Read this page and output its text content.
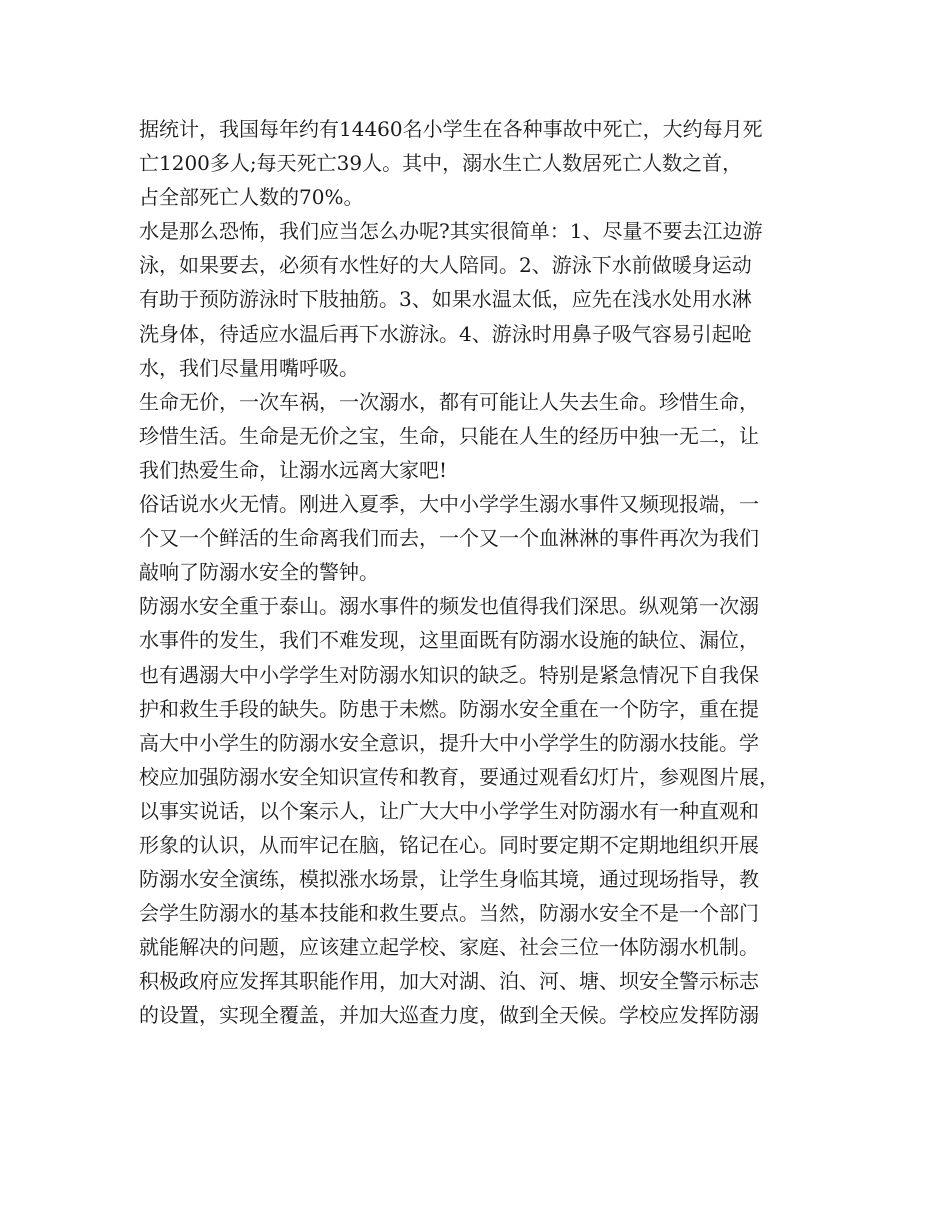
据统计，我国每年约有14460名小学生在各种事故中死亡，大约每月死
亡1200多人;每天死亡39人。其中，溺水生亡人数居死亡人数之首，
占全部死亡人数的70%。
水是那么恐怖，我们应当怎么办呢?其实很简单：1、尽量不要去江边游
泳，如果要去，必须有水性好的大人陪同。2、游泳下水前做暖身运动
有助于预防游泳时下肢抽筋。3、如果水温太低，应先在浅水处用水淋
洗身体，待适应水温后再下水游泳。4、游泳时用鼻子吸气容易引起呛
水，我们尽量用嘴呼吸。
生命无价，一次车祸，一次溺水，都有可能让人失去生命。珍惜生命，
珍惜生活。生命是无价之宝，生命，只能在人生的经历中独一无二，让
我们热爱生命，让溺水远离大家吧!
俗话说水火无情。刚进入夏季，大中小学学生溺水事件又频现报端，一
个又一个鲜活的生命离我们而去，一个又一个血淋淋的事件再次为我们
敲响了防溺水安全的警钟。
防溺水安全重于泰山。溺水事件的频发也值得我们深思。纵观第一次溺
水事件的发生，我们不难发现，这里面既有防溺水设施的缺位、漏位，
也有遇溺大中小学学生对防溺水知识的缺乏。特别是紧急情况下自我保
护和救生手段的缺失。防患于未燃。防溺水安全重在一个防字，重在提
高大中小学生的防溺水安全意识，提升大中小学学生的防溺水技能。学
校应加强防溺水安全知识宣传和教育，要通过观看幻灯片，参观图片展，
以事实说话，以个案示人，让广大大中小学学生对防溺水有一种直观和
形象的认识，从而牢记在脑，铭记在心。同时要定期不定期地组织开展
防溺水安全演练，模拟涨水场景，让学生身临其境，通过现场指导，教
会学生防溺水的基本技能和救生要点。当然，防溺水安全不是一个部门
就能解决的问题，应该建立起学校、家庭、社会三位一体防溺水机制。
积极政府应发挥其职能作用，加大对湖、泊、河、塘、坝安全警示标志
的设置，实现全覆盖，并加大巡查力度，做到全天候。学校应发挥防溺
